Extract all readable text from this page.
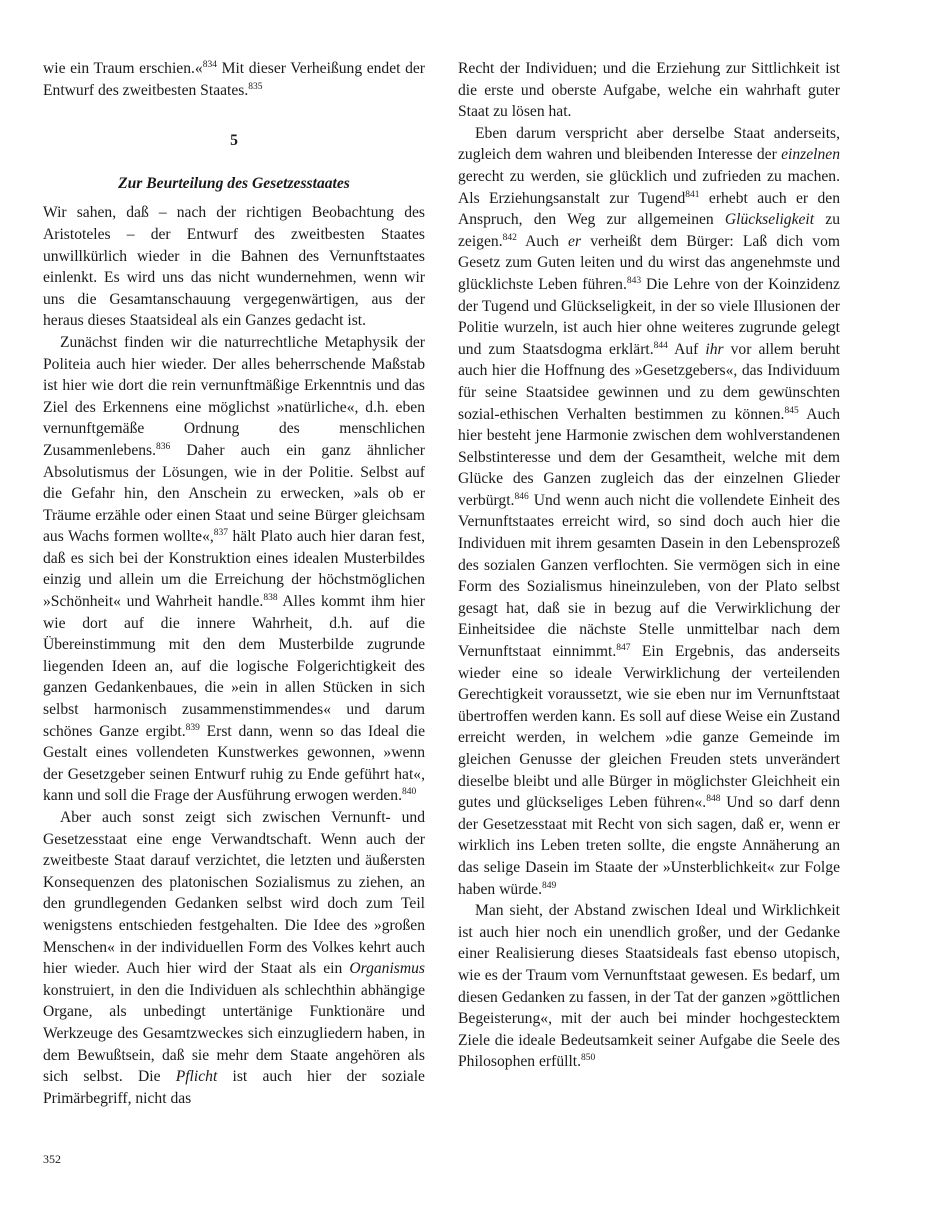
wie ein Traum erschien.«$^{834}$ Mit dieser Verheißung endet der Entwurf des zweitbesten Staates.$^{835}$

5
Zur Beurteilung des Gesetzesstaates

Wir sahen, daß – nach der richtigen Beobachtung des Aristoteles – der Entwurf des zweitbesten Staates unwillkürlich wieder in die Bahnen des Vernunftstaates einlenkt. Es wird uns das nicht wundernehmen, wenn wir uns die Gesamtanschauung vergegenwärtigen, aus der heraus dieses Staatsideal als ein Ganzes gedacht ist.

Zunächst finden wir die naturrechtliche Metaphysik der Politeia auch hier wieder. Der alles beherrschende Maßstab ist hier wie dort die rein vernunftmäßige Erkenntnis und das Ziel des Erkennens eine möglichst »natürliche«, d.h. eben vernunftgemäße Ordnung des menschlichen Zusammenlebens.$^{836}$ Daher auch ein ganz ähnlicher Absolutismus der Lösungen, wie in der Politie. Selbst auf die Gefahr hin, den Anschein zu erwecken, »als ob er Träume erzähle oder einen Staat und seine Bürger gleichsam aus Wachs formen wollte«,$^{837}$ hält Plato auch hier daran fest, daß es sich bei der Konstruktion eines idealen Musterbildes einzig und allein um die Erreichung der höchstmöglichen »Schönheit« und Wahrheit handle.$^{838}$ Alles kommt ihm hier wie dort auf die innere Wahrheit, d.h. auf die Übereinstimmung mit den dem Musterbilde zugrunde liegenden Ideen an, auf die logische Folgerichtigkeit des ganzen Gedankenbaues, die »ein in allen Stücken in sich selbst harmonisch zusammenstimmendes« und darum schönes Ganze ergibt.$^{839}$ Erst dann, wenn so das Ideal die Gestalt eines vollendeten Kunstwerkes gewonnen, »wenn der Gesetzgeber seinen Entwurf ruhig zu Ende geführt hat«, kann und soll die Frage der Ausführung erwogen werden.$^{840}$

Aber auch sonst zeigt sich zwischen Vernunft- und Gesetzesstaat eine enge Verwandtschaft. Wenn auch der zweitbeste Staat darauf verzichtet, die letzten und äußersten Konsequenzen des platonischen Sozialismus zu ziehen, an den grundlegenden Gedanken selbst wird doch zum Teil wenigstens entschieden festgehalten. Die Idee des »großen Menschen« in der individuellen Form des Volkes kehrt auch hier wieder. Auch hier wird der Staat als ein Organismus konstruiert, in den die Individuen als schlechthin abhängige Organe, als unbedingt untertänige Funktionäre und Werkzeuge des Gesamtzweckes sich einzugliedern haben, in dem Bewußtsein, daß sie mehr dem Staate angehören als sich selbst. Die Pflicht ist auch hier der soziale Primärbegriff, nicht das

Recht der Individuen; und die Erziehung zur Sittlichkeit ist die erste und oberste Aufgabe, welche ein wahrhaft guter Staat zu lösen hat.

Eben darum verspricht aber derselbe Staat anderseits, zugleich dem wahren und bleibenden Interesse der einzelnen gerecht zu werden, sie glücklich und zufrieden zu machen. Als Erziehungsanstalt zur Tugend$^{841}$ erhebt auch er den Anspruch, den Weg zur allgemeinen Glückseligkeit zu zeigen.$^{842}$ Auch er verheißt dem Bürger: Laß dich vom Gesetz zum Guten leiten und du wirst das angenehmste und glücklichste Leben führen.$^{843}$ Die Lehre von der Koinzidenz der Tugend und Glückseligkeit, in der so viele Illusionen der Politie wurzeln, ist auch hier ohne weiteres zugrunde gelegt und zum Staatsdogma erklärt.$^{844}$ Auf ihr vor allem beruht auch hier die Hoffnung des »Gesetzgebers«, das Individuum für seine Staatsidee gewinnen und zu dem gewünschten sozial-ethischen Verhalten bestimmen zu können.$^{845}$ Auch hier besteht jene Harmonie zwischen dem wohlverstandenen Selbstinteresse und dem der Gesamtheit, welche mit dem Glücke des Ganzen zugleich das der einzelnen Glieder verbürgt.$^{846}$ Und wenn auch nicht die vollendete Einheit des Vernunftstaates erreicht wird, so sind doch auch hier die Individuen mit ihrem gesamten Dasein in den Lebensprozeß des sozialen Ganzen verflochten. Sie vermögen sich in eine Form des Sozialismus hineinzuleben, von der Plato selbst gesagt hat, daß sie in bezug auf die Verwirklichung der Einheitsidee die nächste Stelle unmittelbar nach dem Vernunftstaat einnimmt.$^{847}$ Ein Ergebnis, das anderseits wieder eine so ideale Verwirklichung der verteilenden Gerechtigkeit voraussetzt, wie sie eben nur im Vernunftstaat übertroffen werden kann. Es soll auf diese Weise ein Zustand erreicht werden, in welchem »die ganze Gemeinde im gleichen Genusse der gleichen Freuden stets unverändert dieselbe bleibt und alle Bürger in möglichster Gleichheit ein gutes und glückseliges Leben führen«.$^{848}$ Und so darf denn der Gesetzesstaat mit Recht von sich sagen, daß er, wenn er wirklich ins Leben treten sollte, die engste Annäherung an das selige Dasein im Staate der »Unsterblichkeit« zur Folge haben würde.$^{849}$

Man sieht, der Abstand zwischen Ideal und Wirklichkeit ist auch hier noch ein unendlich großer, und der Gedanke einer Realisierung dieses Staatsideals fast ebenso utopisch, wie es der Traum vom Vernunftstaat gewesen. Es bedarf, um diesen Gedanken zu fassen, in der Tat der ganzen »göttlichen Begeisterung«, mit der auch bei minder hochgestecktem Ziele die ideale Bedeutsamkeit seiner Aufgabe die Seele des Philosophen erfüllt.$^{850}$

352
